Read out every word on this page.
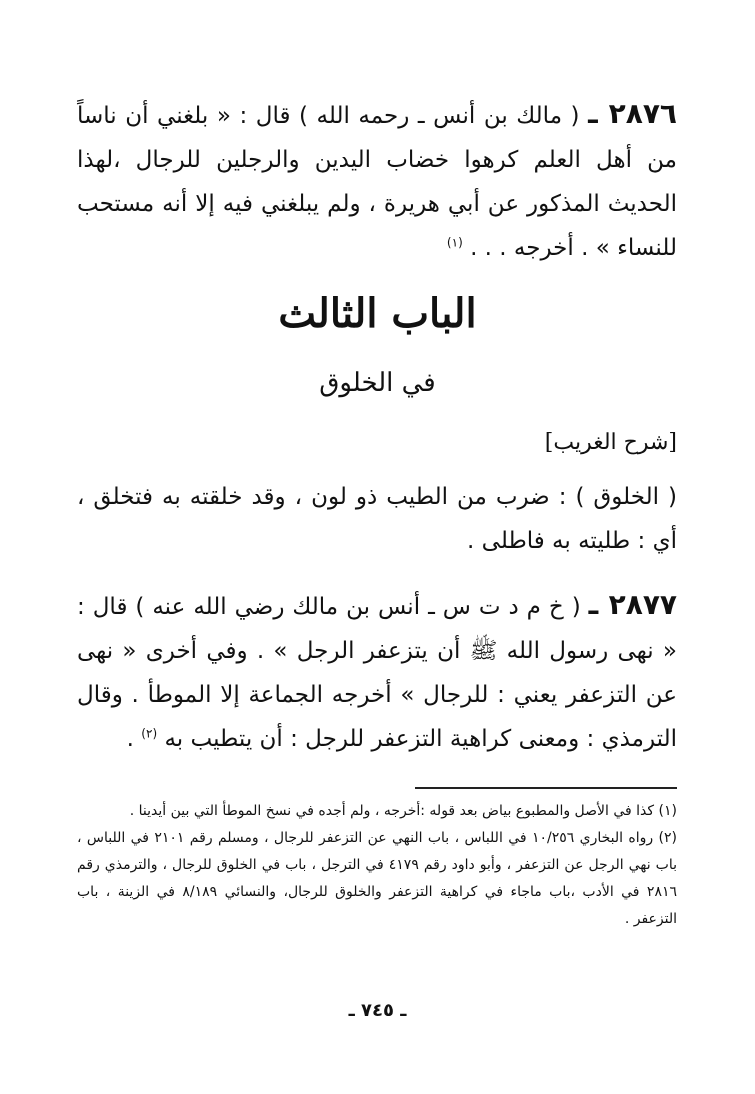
٢٨٧٦ ـ ( مالك بن أنس ـ رحمه الله ) قال : « بلغني أن ناساً من أهل العلم كرهوا خضاب اليدين والرجلين للرجال ،لهذا الحديث المذكور عن أبي هريرة ، ولم يبلغني فيه إلا أنه مستحب للنساء » . أخرجه . . . $^{(١)}$

الباب الثالث
في الخلوق
[شرح الغريب]

( الخلوق ) : ضرب من الطيب ذو لون ، وقد خلقته به فتخلق ، أي : طليته به فاطلى .

٢٨٧٧ ـ ( خ م د ت س ـ أنس بن مالك رضي الله عنه ) قال : « نهى رسول الله ﷺ أن يتزعفر الرجل » . وفي أخرى « نهى عن التزعفر يعني : للرجال » أخرجه الجماعة إلا الموطأ . وقال الترمذي : ومعنى كراهية التزعفر للرجل : أن يتطيب به $^{(٢)}$ .

(١) كذا في الأصل والمطبوع بياض بعد قوله :أخرجه ، ولم أجده في نسخ الموطأ التي بين أيدينا .

(٢) رواه البخاري ١٠/٢٥٦ في اللباس ، باب النهي عن التزعفر للرجال ، ومسلم رقم ٢١٠١ في اللباس ، باب نهي الرجل عن التزعفر ، وأبو داود رقم ٤١٧٩ في الترجل ، باب في الخلوق للرجال ، والترمذي رقم ٢٨١٦ في الأدب ،باب ماجاء في كراهية التزعفر والخلوق للرجال، والنسائي ٨/١٨٩ في الزينة ، باب التزعفر .

ـ ٧٤٥ ـ
